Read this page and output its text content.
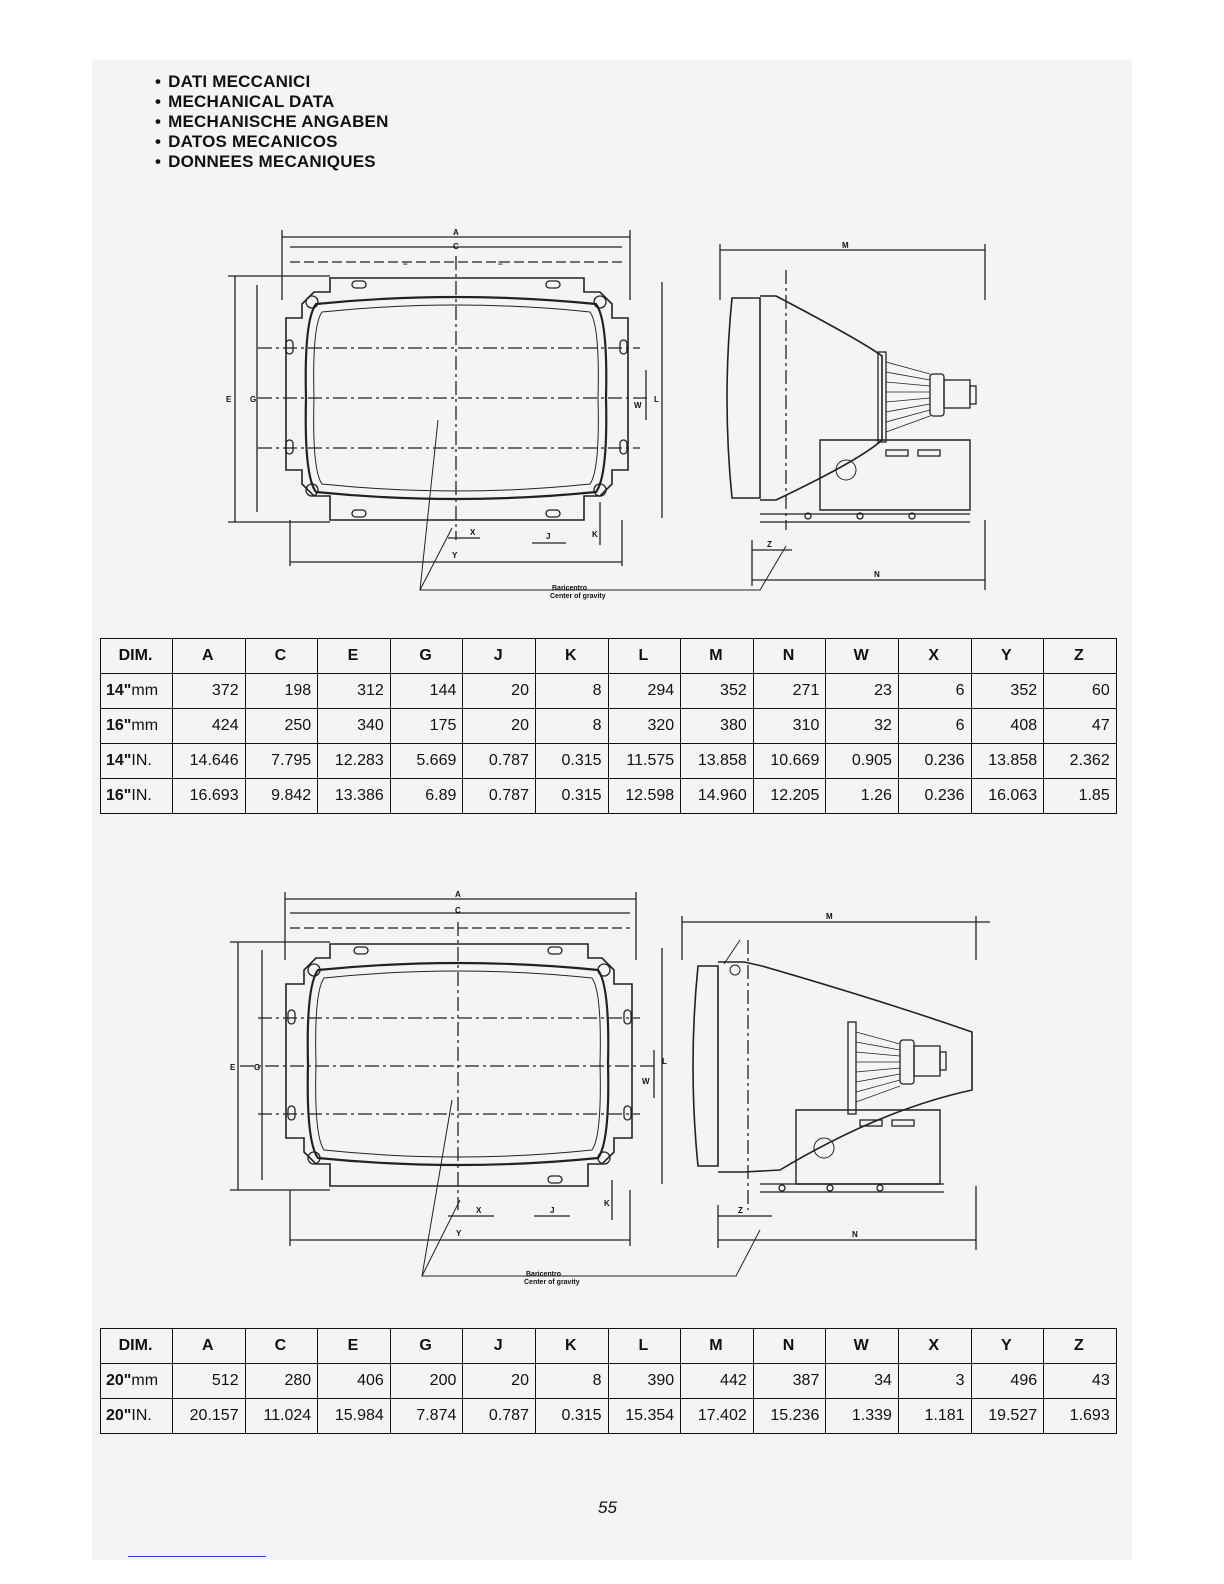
• DATI MECCANICI
• MECHANICAL DATA
• MECHANISCHE ANGABEN
• DATOS MECANICOS
• DONNEES MECANIQUES
A
C
=	=
E G	L
W
X
Y
J	K
Baricentro
Center of gravity
M
N
Z
DIM.	A	C	E	G	J	K	L	M	N	W	X	Y	Z
14"mm	372	198	312	144	20	8	294	352	271	23	6	352	60
16"mm	424	250	340	175	20	8	320	380	310	32	6	408	47
14"IN.	14.646	7.795	12.283	5.669	0.787	0.315	11.575	13.858	10.669	0.905	0.236	13.858	2.362
16"IN.	16.693	9.842	13.386	6.89	0.787	0.315	12.598	14.960	12.205	1.26	0.236	16.063	1.85
A
C
E G
L
W
X
Y
J
K
Baricentro
Center of gravity
M
N
Z
DIM.	A	C	E	G	J	K	L	M	N	W	X	Y	Z
20"mm	512	280	406	200	20	8	390	442	387	34	3	496	43
20"IN.	20.157	11.024	15.984	7.874	0.787	0.315	15.354	17.402	15.236	1.339	1.181	19.527	1.693
55
